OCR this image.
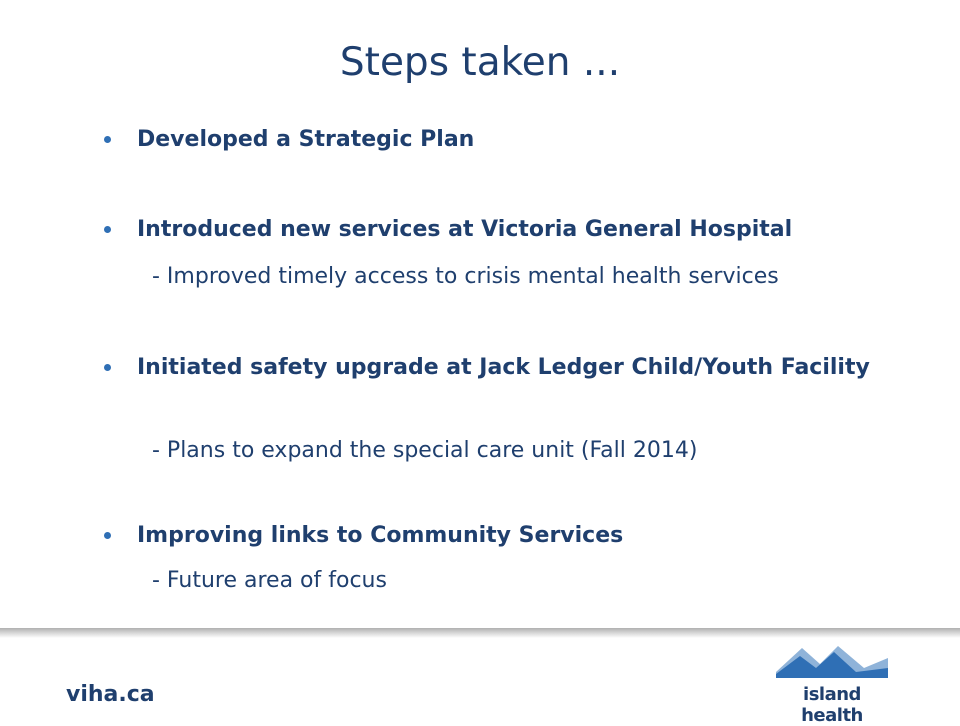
Steps taken ...
Developed a Strategic Plan
Introduced new services at Victoria General Hospital
- Improved timely access to crisis mental health services
Initiated safety upgrade at Jack Ledger Child/Youth Facility
- Plans to expand the special care unit (Fall 2014)
Improving links to Community Services
- Future area of focus
viha.ca	island health
